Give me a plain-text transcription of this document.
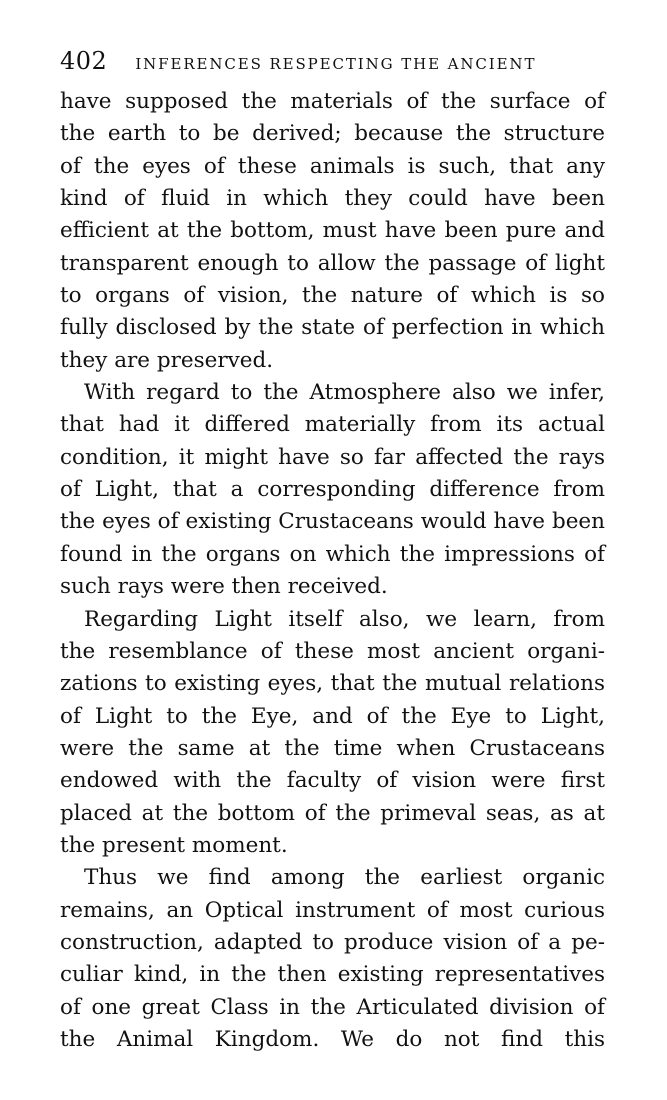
402 INFERENCES RESPECTING THE ANCIENT
have supposed the materials of the surface of
the earth to be derived; because the structure
of the eyes of these animals is such, that any
kind of fluid in which they could have been
efficient at the bottom, must have been pure and
transparent enough to allow the passage of light
to organs of vision, the nature of which is so
fully disclosed by the state of perfection in which
they are preserved.
With regard to the Atmosphere also we infer,
that had it differed materially from its actual
condition, it might have so far affected the rays
of Light, that a corresponding difference from
the eyes of existing Crustaceans would have been
found in the organs on which the impressions of
such rays were then received.
Regarding Light itself also, we learn, from
the resemblance of these most ancient organi-
zations to existing eyes, that the mutual relations
of Light to the Eye, and of the Eye to Light,
were the same at the time when Crustaceans
endowed with the faculty of vision were first
placed at the bottom of the primeval seas, as at
the present moment.
Thus we find among the earliest organic
remains, an Optical instrument of most curious
construction, adapted to produce vision of a pe-
culiar kind, in the then existing representatives
of one great Class in the Articulated division of
the Animal Kingdom. We do not find this
